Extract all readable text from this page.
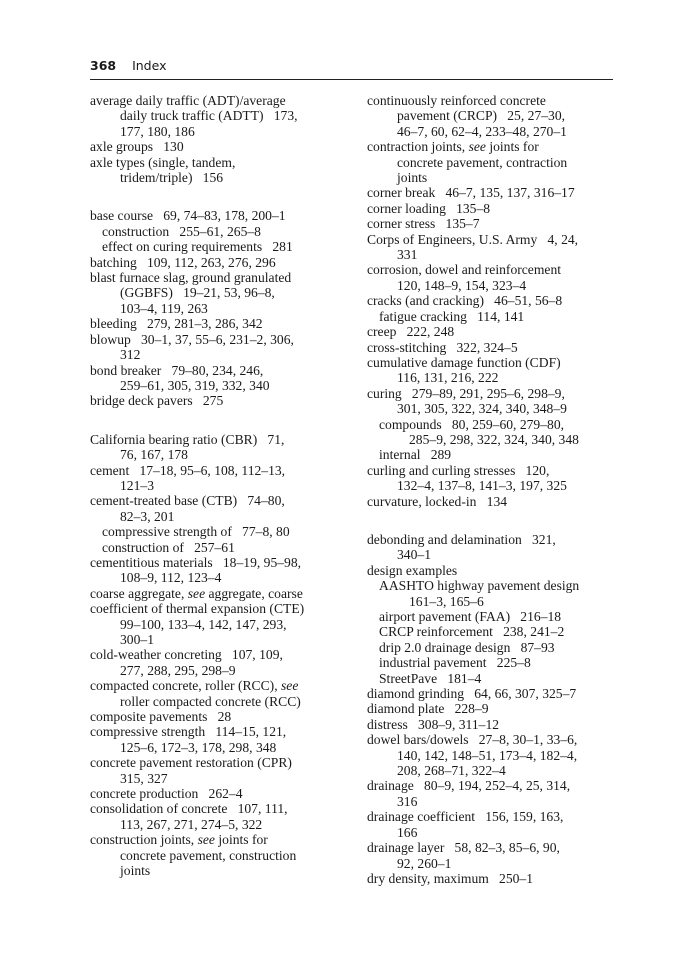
368 Index
average daily traffic (ADT)/average
daily truck traffic (ADTT)   173,
177, 180, 186
axle groups   130
axle types (single, tandem,
tridem/triple)   156
base course   69, 74–83, 178, 200–1
construction   255–61, 265–8
effect on curing requirements   281
batching   109, 112, 263, 276, 296
blast furnace slag, ground granulated
(GGBFS)   19–21, 53, 96–8,
103–4, 119, 263
bleeding   279, 281–3, 286, 342
blowup   30–1, 37, 55–6, 231–2, 306,
312
bond breaker   79–80, 234, 246,
259–61, 305, 319, 332, 340
bridge deck pavers   275
California bearing ratio (CBR)   71,
76, 167, 178
cement   17–18, 95–6, 108, 112–13,
121–3
cement-treated base (CTB)   74–80,
82–3, 201
compressive strength of   77–8, 80
construction of   257–61
cementitious materials   18–19, 95–98,
108–9, 112, 123–4
coarse aggregate, see aggregate, coarse
coefficient of thermal expansion (CTE)
99–100, 133–4, 142, 147, 293,
300–1
cold-weather concreting   107, 109,
277, 288, 295, 298–9
compacted concrete, roller (RCC), see
roller compacted concrete (RCC)
composite pavements   28
compressive strength   114–15, 121,
125–6, 172–3, 178, 298, 348
concrete pavement restoration (CPR)
315, 327
concrete production   262–4
consolidation of concrete   107, 111,
113, 267, 271, 274–5, 322
construction joints, see joints for
concrete pavement, construction
joints
continuously reinforced concrete
pavement (CRCP)   25, 27–30,
46–7, 60, 62–4, 233–48, 270–1
contraction joints, see joints for
concrete pavement, contraction
joints
corner break   46–7, 135, 137, 316–17
corner loading   135–8
corner stress   135–7
Corps of Engineers, U.S. Army   4, 24,
331
corrosion, dowel and reinforcement
120, 148–9, 154, 323–4
cracks (and cracking)   46–51, 56–8
fatigue cracking   114, 141
creep   222, 248
cross-stitching   322, 324–5
cumulative damage function (CDF)
116, 131, 216, 222
curing   279–89, 291, 295–6, 298–9,
301, 305, 322, 324, 340, 348–9
compounds   80, 259–60, 279–80,
285–9, 298, 322, 324, 340, 348
internal   289
curling and curling stresses   120,
132–4, 137–8, 141–3, 197, 325
curvature, locked-in   134
debonding and delamination   321,
340–1
design examples
AASHTO highway pavement design
161–3, 165–6
airport pavement (FAA)   216–18
CRCP reinforcement   238, 241–2
drip 2.0 drainage design   87–93
industrial pavement   225–8
StreetPave   181–4
diamond grinding   64, 66, 307, 325–7
diamond plate   228–9
distress   308–9, 311–12
dowel bars/dowels   27–8, 30–1, 33–6,
140, 142, 148–51, 173–4, 182–4,
208, 268–71, 322–4
drainage   80–9, 194, 252–4, 25, 314,
316
drainage coefficient   156, 159, 163,
166
drainage layer   58, 82–3, 85–6, 90,
92, 260–1
dry density, maximum   250–1
